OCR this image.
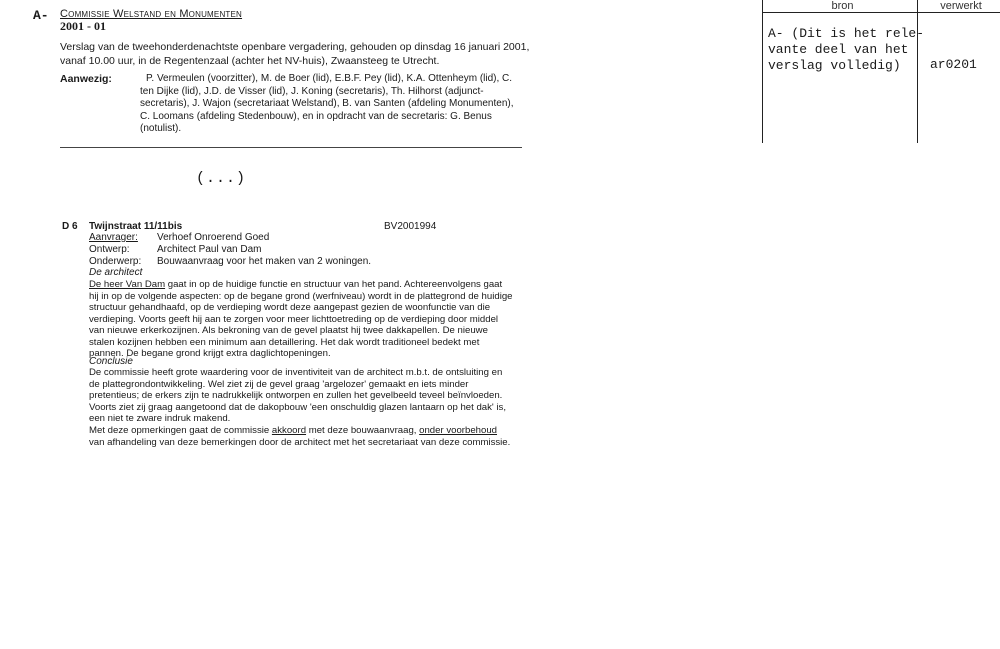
A- Commissie Welstand en Monumenten
2001 - 01
Verslag van de tweehonderdenachtste openbare vergadering, gehouden op dinsdag 16 januari 2001,
vanaf 10.00 uur, in de Regentenzaal (achter het NV-huis), Zwaansteeg te Utrecht.
Aanwezig:	P. Vermeulen (voorzitter), M. de Boer (lid), E.B.F. Pey (lid), K.A. Ottenheym (lid), C. ten Dijke (lid), J.D. de Visser (lid), J. Koning (secretaris), Th. Hilhorst (adjunct-secretaris), J. Wajon (secretariaat Welstand), B. van Santen (afdeling Monumenten), C. Loomans (afdeling Stedenbouw), en in opdracht van de secretaris: G. Benus (notulist).
(...)
bron	verwerkt
A- (Dit is het rele-
vante deel van het
verslag volledig)	ar0201
D 6 Twijnstraat 11/11bis	BV2001994
Aanvrager: Verhoef Onroerend Goed
Ontwerp:	Architect Paul van Dam
Onderwerp: Bouwaanvraag voor het maken van 2 woningen.
De architect
De heer Van Dam gaat in op de huidige functie en structuur van het pand. Achtereenvolgens gaat hij in op de volgende aspecten: op de begane grond (werfniveau) wordt in de plattegrond de huidige structuur gehandhaafd, op de verdieping wordt deze aangepast gezien de woonfunctie van die verdieping. Voorts geeft hij aan te zorgen voor meer lichttoetreding op de verdieping door middel van nieuwe erkerkozijnen. Als bekroning van de gevel plaatst hij twee dakkapellen. De nieuwe stalen kozijnen hebben een minimum aan detaillering. Het dak wordt traditioneel bedekt met pannen. De begane grond krijgt extra daglichtopeningen.
Conclusie
De commissie heeft grote waardering voor de inventiviteit van de architect m.b.t. de ontsluiting en de plattegrondontwikkeling. Wel ziet zij de gevel graag 'argelozer' gemaakt en iets minder pretentieus; de erkers zijn te nadrukkelijk ontworpen en zullen het gevelbeeld teveel beïnvloeden. Voorts ziet zij graag aangetoond dat de dakopbouw 'een onschuldig glazen lantaarn op het dak' is, een niet te zware indruk makend.
Met deze opmerkingen gaat de commissie akkoord met deze bouwaanvraag, onder voorbehoud van afhandeling van deze bemerkingen door de architect met het secretariaat van deze commissie.
